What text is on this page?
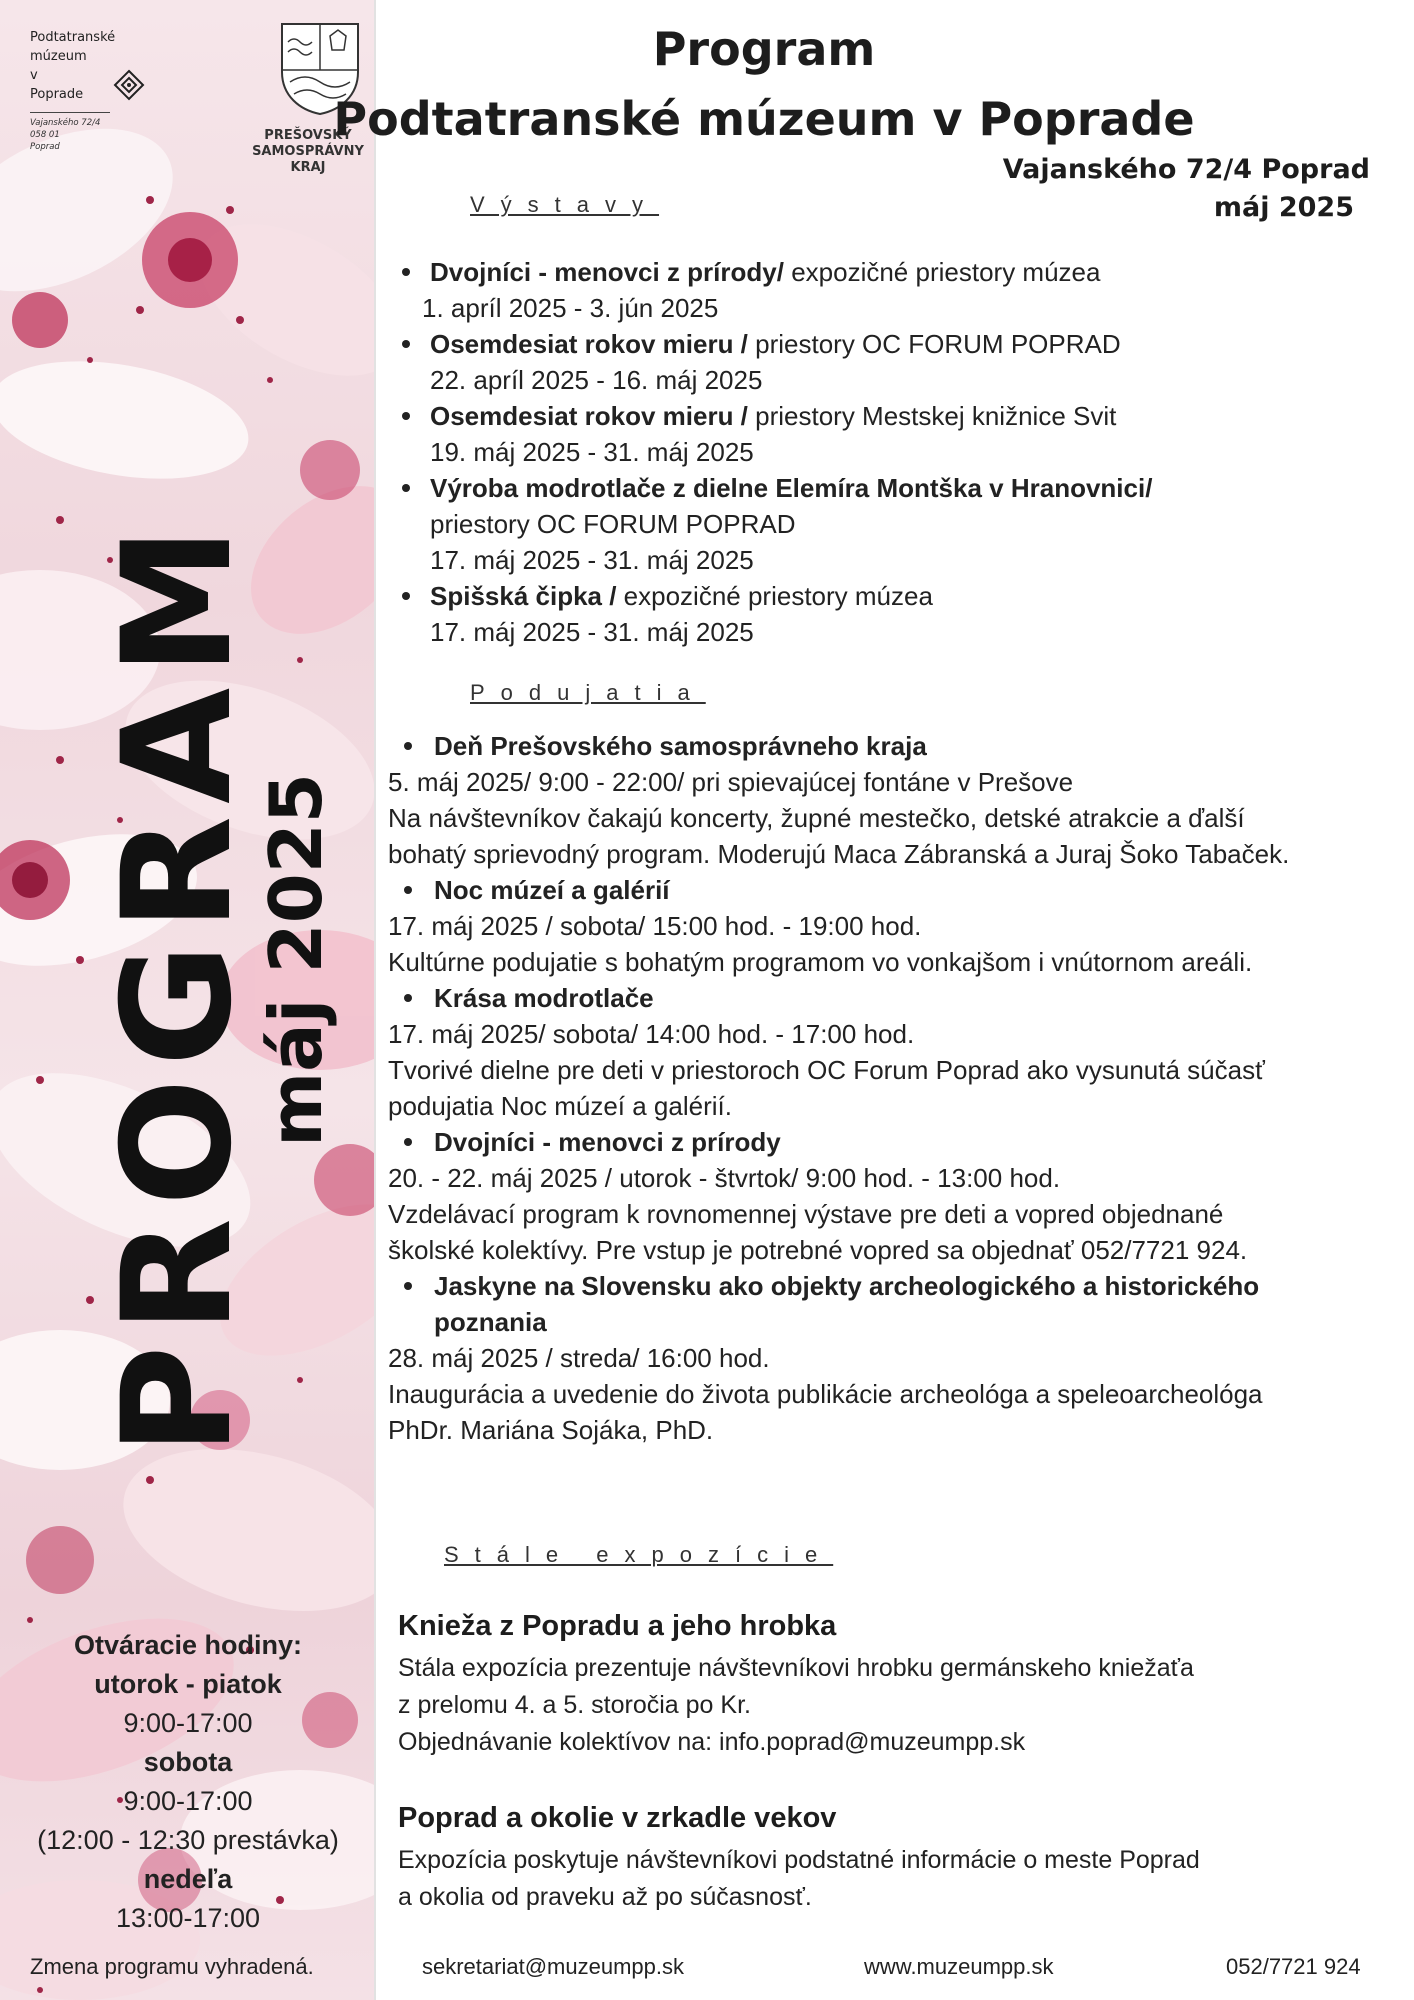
Podtatranské
múzeum
v
Poprade
Vajanského 72/4
058 01
Poprad
PREŠOVSKÝ
SAMOSPRÁVNY
KRAJ
PROGRAM
máj 2025
Otváracie hodiny:
utorok - piatok
9:00-17:00
sobota
9:00-17:00
(12:00 - 12:30 prestávka)
nedeľa
13:00-17:00
Program
Podtatranské múzeum v Poprade
Vajanského 72/4 Poprad
máj 2025
Výstavy
Dvojníci - menovci z prírody/ expozičné priestory múzea
1. apríl 2025 - 3. jún 2025
Osemdesiat rokov mieru / priestory OC FORUM POPRAD
22. apríl 2025 - 16. máj 2025
Osemdesiat rokov mieru / priestory Mestskej knižnice Svit
19. máj 2025 - 31. máj 2025
Výroba modrotlače z dielne Elemíra Montška v Hranovnici/
priestory OC FORUM POPRAD
17. máj 2025 - 31. máj 2025
Spišská čipka / expozičné priestory múzea
17. máj 2025 - 31. máj 2025
Podujatia
Deň Prešovského samosprávneho kraja
5. máj 2025/ 9:00 - 22:00/ pri spievajúcej fontáne v Prešove
Na návštevníkov čakajú koncerty, župné mestečko, detské atrakcie a ďalší
bohatý sprievodný program. Moderujú Maca Zábranská a Juraj Šoko Tabaček.
Noc múzeí a galérií
17. máj 2025 / sobota/ 15:00 hod. - 19:00 hod.
Kultúrne podujatie s bohatým programom vo vonkajšom i vnútornom areáli.
Krása modrotlače
17. máj 2025/ sobota/ 14:00 hod. - 17:00 hod.
Tvorivé dielne pre deti v priestoroch OC Forum Poprad ako vysunutá súčasť
podujatia Noc múzeí a galérií.
Dvojníci - menovci z prírody
20. - 22. máj 2025 / utorok - štvrtok/ 9:00 hod. - 13:00 hod.
Vzdelávací program k rovnomennej výstave pre deti a vopred objednané
školské kolektívy. Pre vstup je potrebné vopred sa objednať 052/7721 924.
Jaskyne na Slovensku ako objekty archeologického a historického
poznania
28. máj 2025 / streda/ 16:00 hod.
Inaugurácia a uvedenie do života publikácie archeológa a speleoarcheológa
PhDr. Mariána Sojáka, PhD.
Stále expozície
Knieža z Popradu a jeho hrobka
Stála expozícia prezentuje návštevníkovi hrobku germánskeho kniežaťa
z prelomu 4. a 5. storočia po Kr.
Objednávanie kolektívov na: info.poprad@muzeumpp.sk
Poprad a okolie v zrkadle vekov
Expozícia poskytuje návštevníkovi podstatné informácie o meste Poprad
a okolia od praveku až po súčasnosť.
Zmena programu vyhradená.	sekretariat@muzeumpp.sk	www.muzeumpp.sk	052/7721 924
